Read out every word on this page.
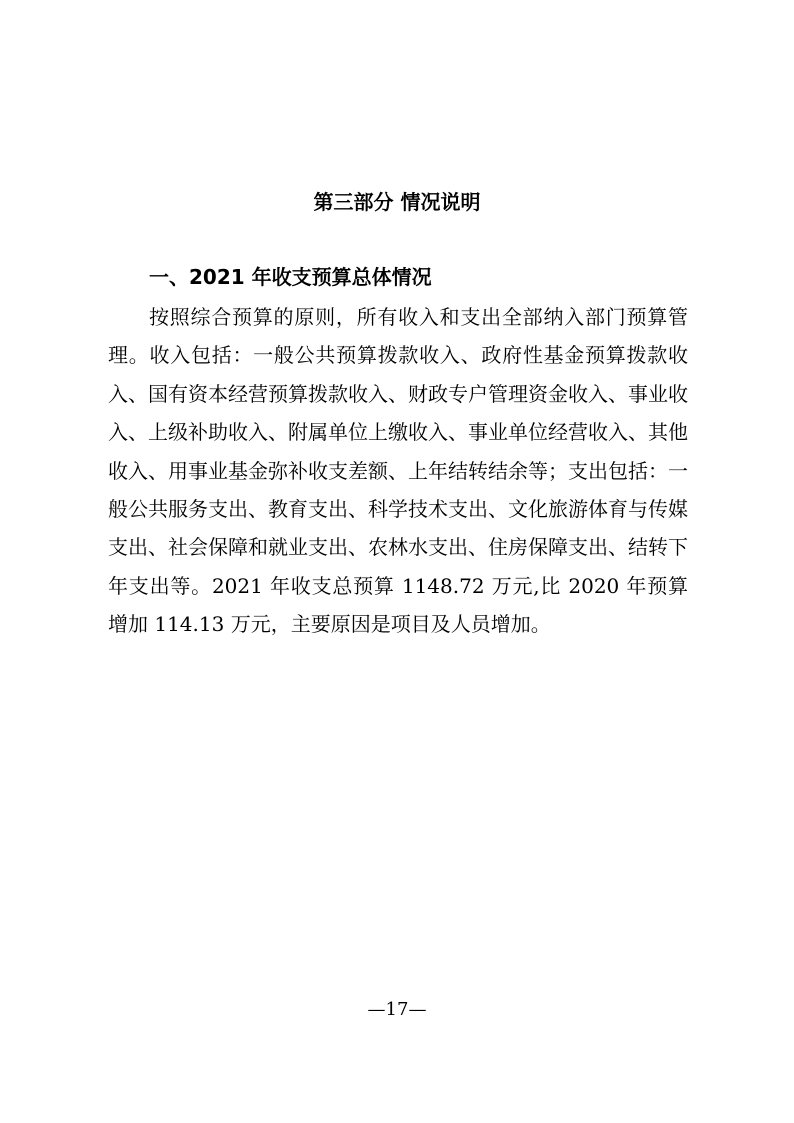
第三部分 情况说明
一、2021 年收支预算总体情况

按照综合预算的原则，所有收入和支出全部纳入部门预算管理。收入包括：一般公共预算拨款收入、政府性基金预算拨款收入、国有资本经营预算拨款收入、财政专户管理资金收入、事业收入、上级补助收入、附属单位上缴收入、事业单位经营收入、其他收入、用事业基金弥补收支差额、上年结转结余等；支出包括：一般公共服务支出、教育支出、科学技术支出、文化旅游体育与传媒支出、社会保障和就业支出、农林水支出、住房保障支出、结转下年支出等。2021 年收支总预算 1148.72 万元,比 2020 年预算增加 114.13 万元，主要原因是项目及人员增加。

—17—
